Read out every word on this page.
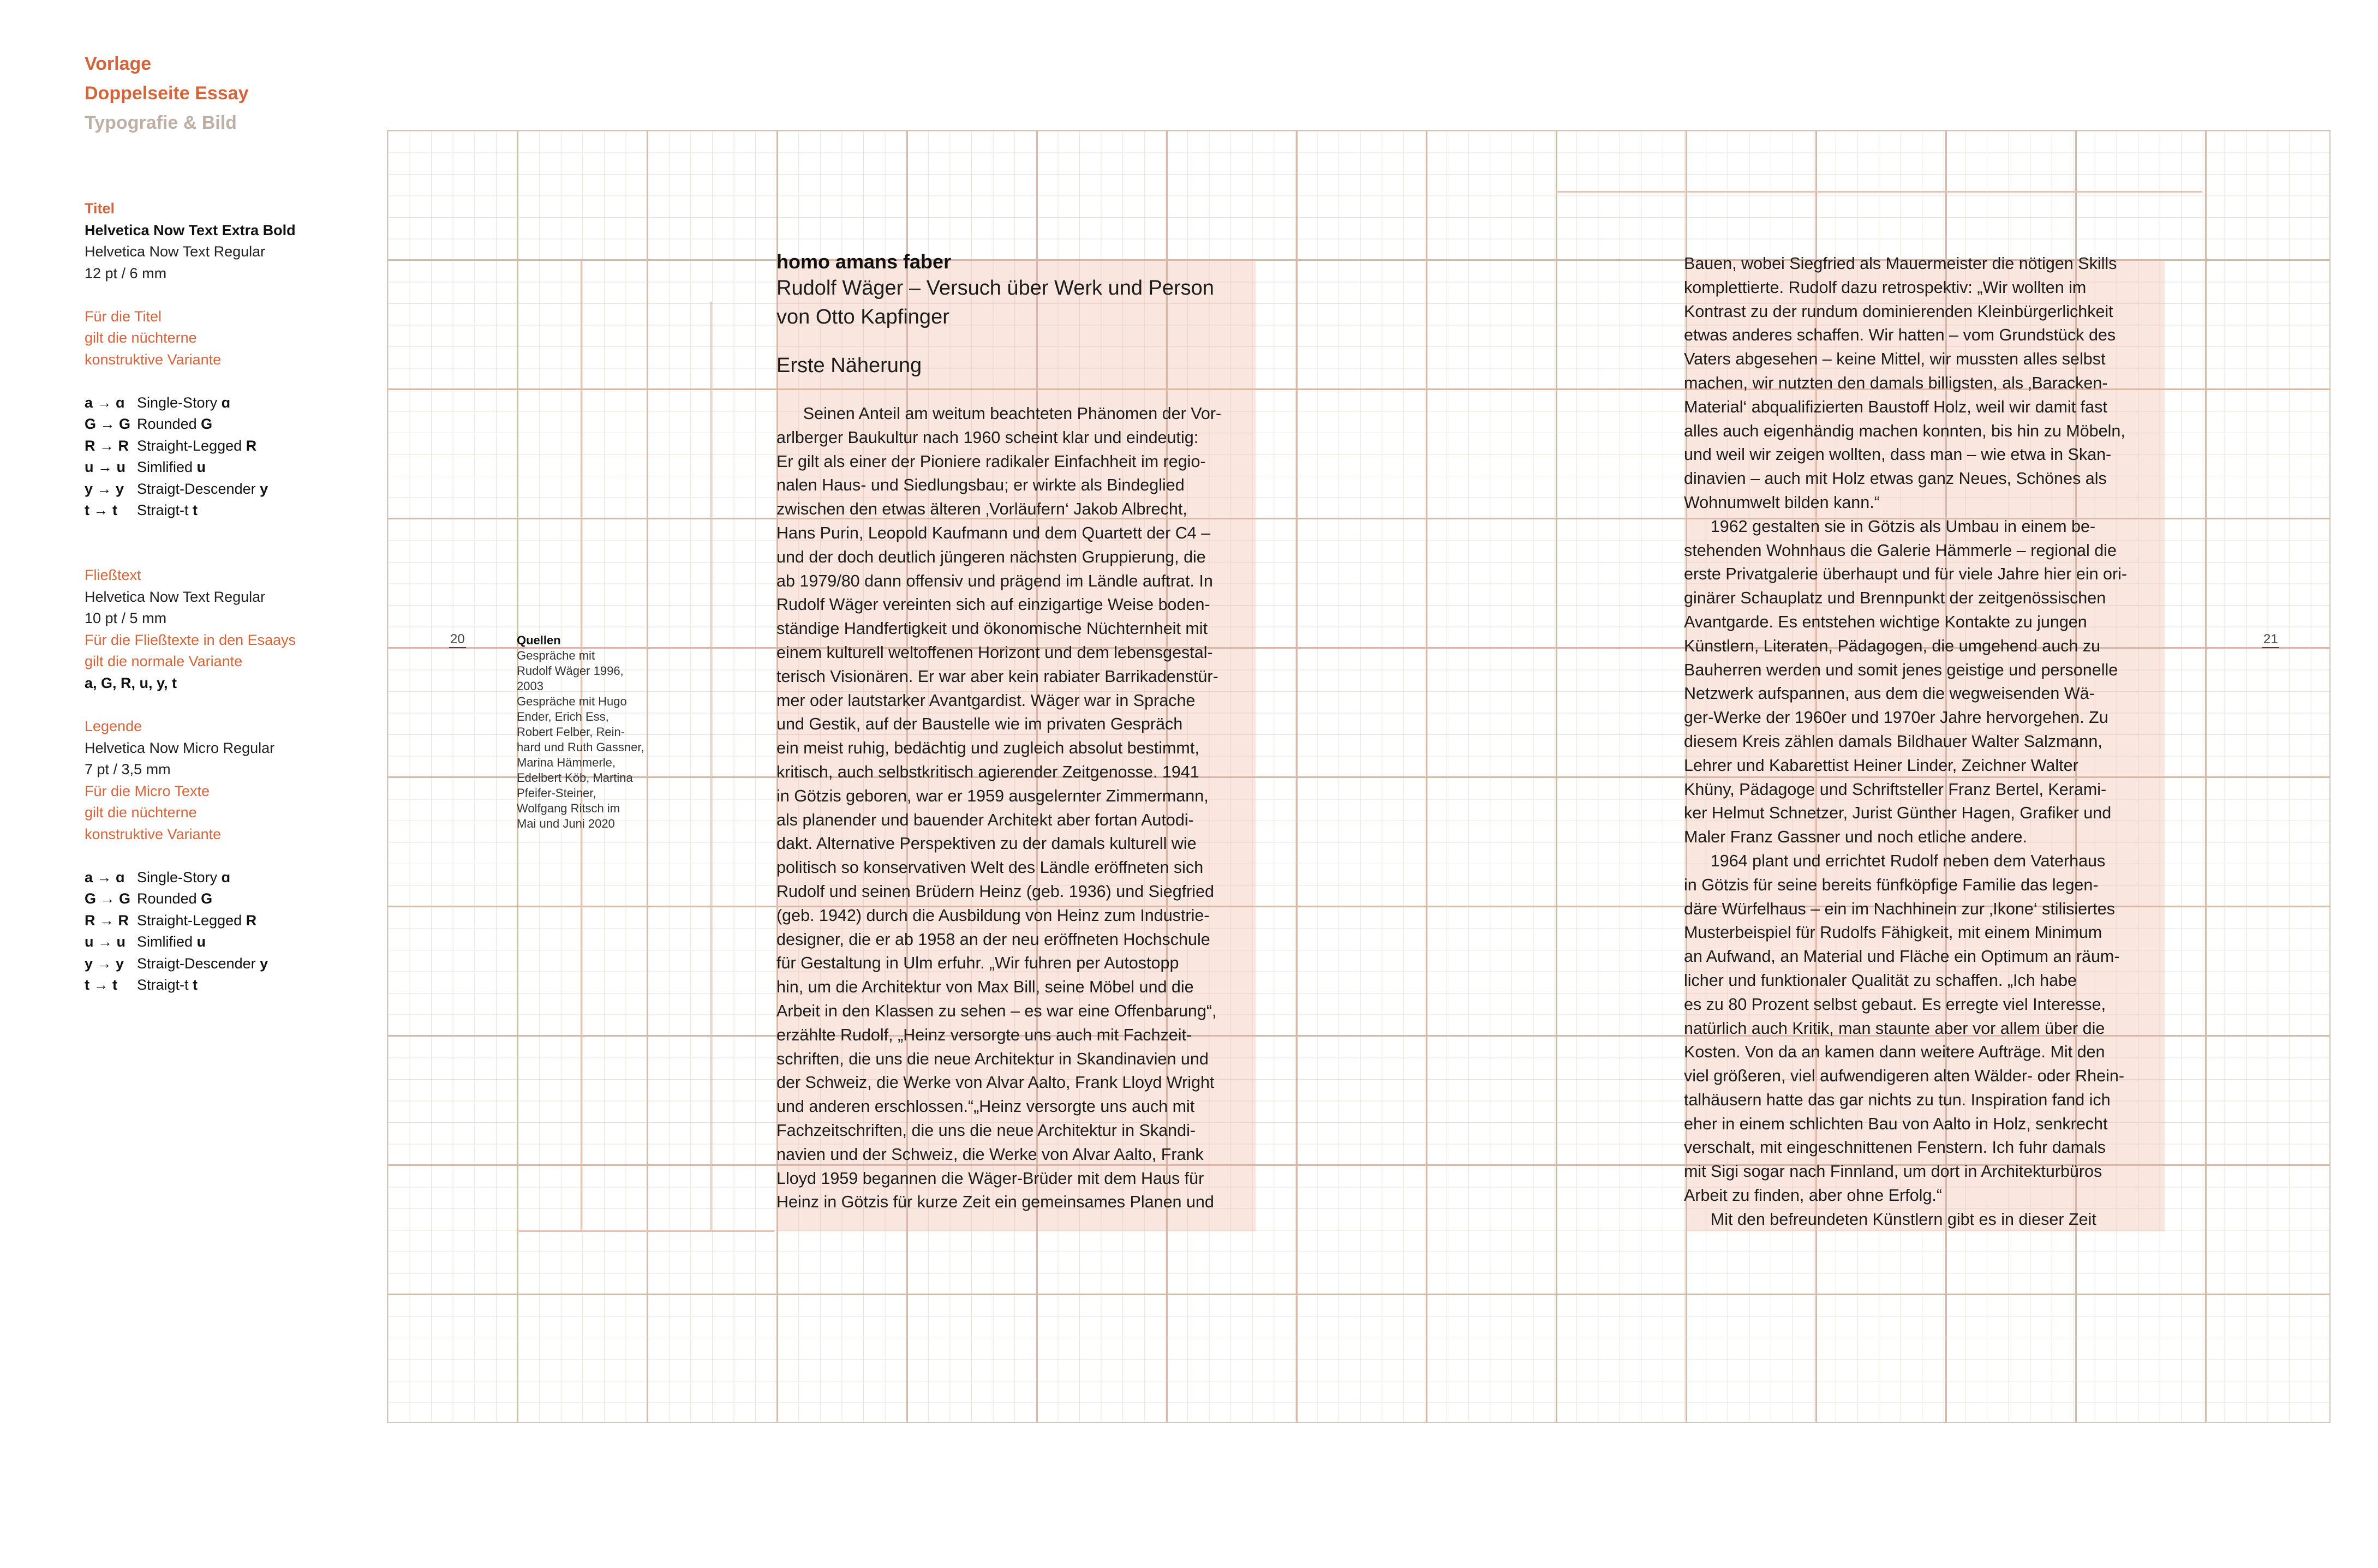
Vorlage

Doppelseite Essay

Typografie & Bild

Titel
Helvetica Now Text Extra Bold
Helvetica Now Text Regular
12 pt / 6 mm

Für die Titel
gilt die nüchterne
konstruktive Variante

a → ɑ Single-Story ɑ
G → G Rounded G
R → R Straight-Legged R
u → u Simlified u
y → y Straigt-Descender y
t → t Straigt-t t
Fließtext
Helvetica Now Text Regular
10 pt / 5 mm
Für die Fließtexte in den Esaays
gilt die normale Variante
a, G, R, u, y, t
Legende
Helvetica Now Micro Regular
7 pt / 3,5 mm
Für die Micro Texte
gilt die nüchterne
konstruktive Variante

a → ɑ Single-Story ɑ
G → G Rounded G
R → R Straight-Legged R
u → u Simlified u
y → y Straigt-Descender y
t → t Straigt-t t
20	21

Quellen

Gespräche mit

Rudolf Wäger 1996,

2003

Gespräche mit Hugo

Ender, Erich Ess,

Robert Felber, Rein-

hard und Ruth Gassner,

Marina Hämmerle,

Edelbert Köb, Martina

Pfeifer-Steiner,

Wolfgang Ritsch im

Mai und Juni 2020

homo amans faber

Rudolf Wäger – Versuch über Werk und Person
von Otto Kapfinger

Erste Näherung

Seinen Anteil am weitum beachteten Phänomen der Vor-

arlberger Baukultur nach 1960 scheint klar und eindeutig:

Er gilt als einer der Pioniere radikaler Einfachheit im regio-

nalen Haus- und Siedlungsbau; er wirkte als Bindeglied

zwischen den etwas älteren ‚Vorläufern‘ Jakob Albrecht,

Hans Purin, Leopold Kaufmann und dem Quartett der C4 –

und der doch deutlich jüngeren nächsten Gruppierung, die

ab 1979/80 dann offensiv und prägend im Ländle auftrat. In

Rudolf Wäger vereinten sich auf einzigartige Weise boden-

ständige Handfertigkeit und ökonomische Nüchternheit mit

einem kulturell weltoffenen Horizont und dem lebensgestal-

terisch Visionären. Er war aber kein rabiater Barrikadenstür-

mer oder lautstarker Avantgardist. Wäger war in Sprache

und Gestik, auf der Baustelle wie im privaten Gespräch

ein meist ruhig, bedächtig und zugleich absolut bestimmt,

kritisch, auch selbstkritisch agierender Zeitgenosse. 1941

in Götzis geboren, war er 1959 ausgelernter Zimmermann,

als planender und bauender Architekt aber fortan Autodi-

dakt. Alternative Perspektiven zu der damals kulturell wie

politisch so konservativen Welt des Ländle eröffneten sich

Rudolf und seinen Brüdern Heinz (geb. 1936) und Siegfried

(geb. 1942) durch die Ausbildung von Heinz zum Industrie-

designer, die er ab 1958 an der neu eröffneten Hochschule

für Gestaltung in Ulm erfuhr. „Wir fuhren per Autostopp

hin, um die Architektur von Max Bill, seine Möbel und die

Arbeit in den Klassen zu sehen – es war eine Offenbarung“,

erzählte Rudolf, „Heinz versorgte uns auch mit Fachzeit-

schriften, die uns die neue Architektur in Skandinavien und

der Schweiz, die Werke von Alvar Aalto, Frank Lloyd Wright

und anderen erschlossen.“„Heinz versorgte uns auch mit

Fachzeitschriften, die uns die neue Architektur in Skandi-

navien und der Schweiz, die Werke von Alvar Aalto, Frank

Lloyd 1959 begannen die Wäger-Brüder mit dem Haus für

Heinz in Götzis für kurze Zeit ein gemeinsames Planen und

Bauen, wobei Siegfried als Mauermeister die nötigen Skills

komplettierte. Rudolf dazu retrospektiv: „Wir wollten im

Kontrast zu der rundum dominierenden Kleinbürgerlichkeit

etwas anderes schaffen. Wir hatten – vom Grundstück des

Vaters abgesehen – keine Mittel, wir mussten alles selbst

machen, wir nutzten den damals billigsten, als ‚Baracken-

Material‘ abqualifizierten Baustoff Holz, weil wir damit fast

alles auch eigenhändig machen konnten, bis hin zu Möbeln,

und weil wir zeigen wollten, dass man – wie etwa in Skan-

dinavien – auch mit Holz etwas ganz Neues, Schönes als

Wohnumwelt bilden kann.“

1962 gestalten sie in Götzis als Umbau in einem be-

stehenden Wohnhaus die Galerie Hämmerle – regional die

erste Privatgalerie überhaupt und für viele Jahre hier ein ori-

ginärer Schauplatz und Brennpunkt der zeitgenössischen

Avantgarde. Es entstehen wichtige Kontakte zu jungen

Künstlern, Literaten, Pädagogen, die umgehend auch zu

Bauherren werden und somit jenes geistige und personelle

Netzwerk aufspannen, aus dem die wegweisenden Wä-

ger-Werke der 1960er und 1970er Jahre hervorgehen. Zu

diesem Kreis zählen damals Bildhauer Walter Salzmann,

Lehrer und Kabarettist Heiner Linder, Zeichner Walter

Khüny, Pädagoge und Schriftsteller Franz Bertel, Kerami-

ker Helmut Schnetzer, Jurist Günther Hagen, Grafiker und

Maler Franz Gassner und noch etliche andere.

1964 plant und errichtet Rudolf neben dem Vaterhaus

in Götzis für seine bereits fünfköpfige Familie das legen-

däre Würfelhaus – ein im Nachhinein zur ‚Ikone‘ stilisiertes

Musterbeispiel für Rudolfs Fähigkeit, mit einem Minimum

an Aufwand, an Material und Fläche ein Optimum an räum-

licher und funktionaler Qualität zu schaffen. „Ich habe

es zu 80 Prozent selbst gebaut. Es erregte viel Interesse,

natürlich auch Kritik, man staunte aber vor allem über die

Kosten. Von da an kamen dann weitere Aufträge. Mit den

viel größeren, viel aufwendigeren alten Wälder- oder Rhein-

talhäusern hatte das gar nichts zu tun. Inspiration fand ich

eher in einem schlichten Bau von Aalto in Holz, senkrecht

verschalt, mit eingeschnittenen Fenstern. Ich fuhr damals

mit Sigi sogar nach Finnland, um dort in Architekturbüros

Arbeit zu finden, aber ohne Erfolg.“

Mit den befreundeten Künstlern gibt es in dieser Zeit
